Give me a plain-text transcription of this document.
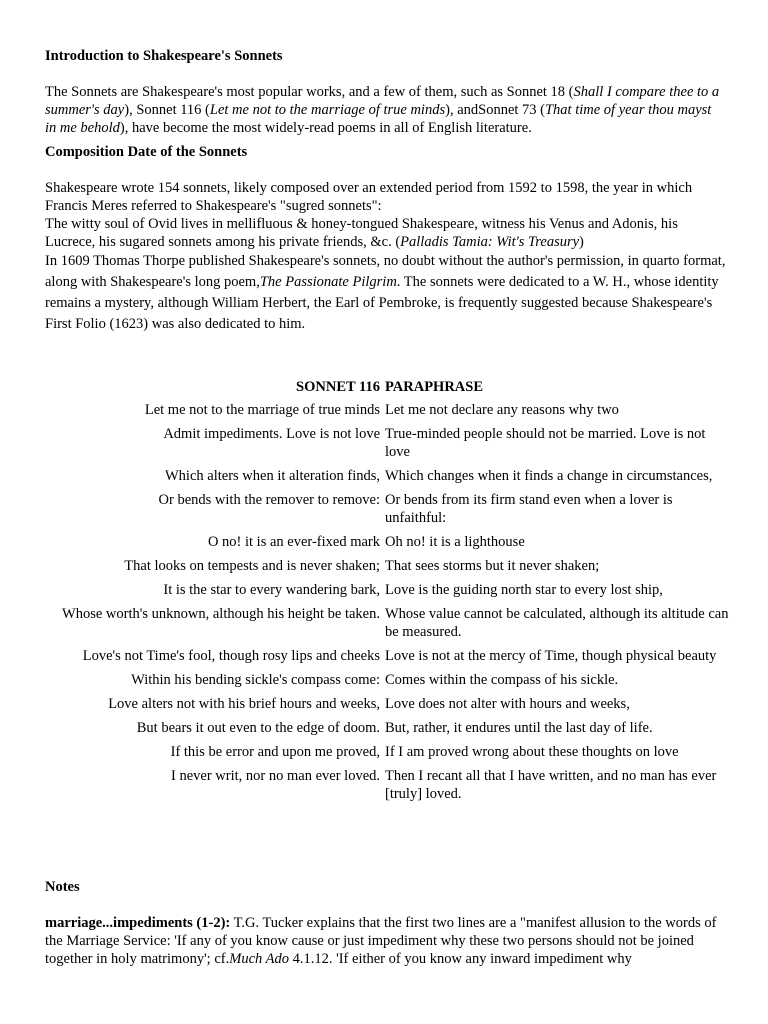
Introduction to Shakespeare's Sonnets

The Sonnets are Shakespeare's most popular works, and a few of them, such as Sonnet 18 (Shall I compare thee to a summer's day), Sonnet 116 (Let me not to the marriage of true minds), andSonnet 73 (That time of year thou mayst in me behold), have become the most widely-read poems in all of English literature.

Composition Date of the Sonnets
Shakespeare wrote 154 sonnets, likely composed over an extended period from 1592 to 1598, the year in which Francis Meres referred to Shakespeare's "sugred sonnets":
The witty soul of Ovid lives in mellifluous & honey-tongued Shakespeare, witness his Venus and Adonis, his Lucrece, his sugared sonnets among his private friends, &c. (Palladis Tamia: Wit's Treasury)
In 1609 Thomas Thorpe published Shakespeare's sonnets, no doubt without the author's permission, in quarto format, along with Shakespeare's long poem,The Passionate Pilgrim. The sonnets were dedicated to a W. H., whose identity remains a mystery, although William Herbert, the Earl of Pembroke, is frequently suggested because Shakespeare's First Folio (1623) was also dedicated to him.
SONNET 116 PARAPHRASE
Let me not to the marriage of true minds Let me not declare any reasons why two
Admit impediments. Love is not love True-minded people should not be married. Love is not love
Which alters when it alteration finds, Which changes when it finds a change in circumstances,
Or bends with the remover to remove: Or bends from its firm stand even when a lover is unfaithful:
O no! it is an ever-fixed mark Oh no! it is a lighthouse
That looks on tempests and is never shaken; That sees storms but it never shaken;
It is the star to every wandering bark, Love is the guiding north star to every lost ship,
Whose worth's unknown, although his height be taken. Whose value cannot be calculated, although its altitude can be measured.
Love's not Time's fool, though rosy lips and cheeks Love is not at the mercy of Time, though physical beauty
Within his bending sickle's compass come: Comes within the compass of his sickle.
Love alters not with his brief hours and weeks, Love does not alter with hours and weeks,
But bears it out even to the edge of doom. But, rather, it endures until the last day of life.
If this be error and upon me proved, If I am proved wrong about these thoughts on love
I never writ, nor no man ever loved. Then I recant all that I have written, and no man has ever [truly] loved.
Notes

marriage...impediments (1-2): T.G. Tucker explains that the first two lines are a "manifest allusion to the words of the Marriage Service: 'If any of you know cause or just impediment why these two persons should not be joined together in holy matrimony'; cf.Much Ado 4.1.12. 'If either of you know any inward impediment why
